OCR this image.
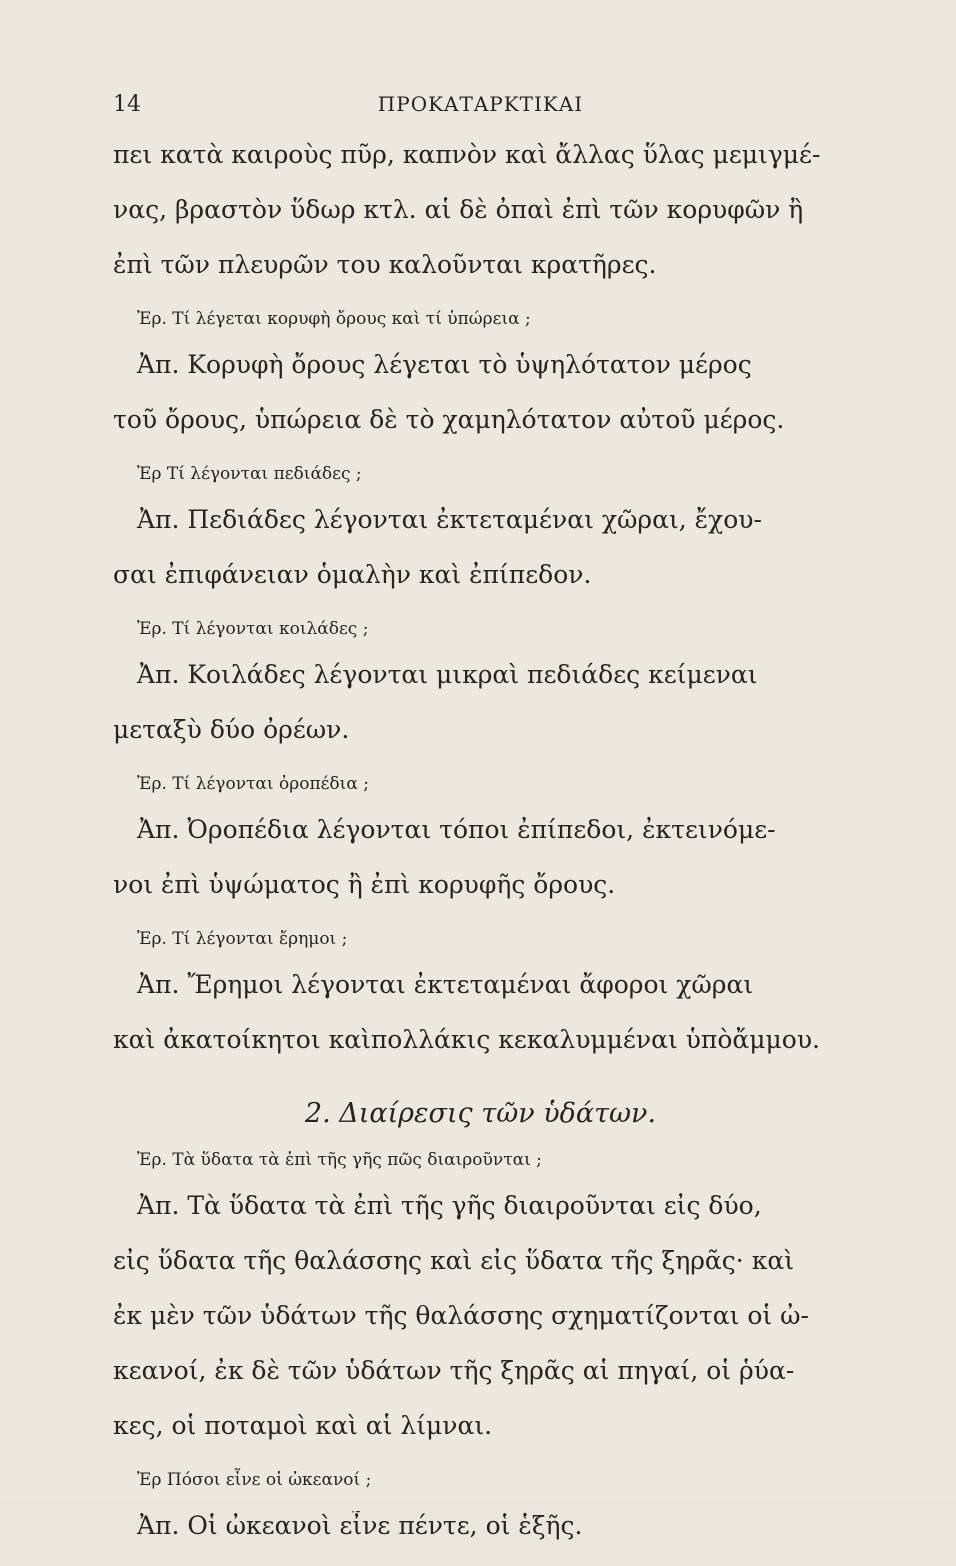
14	ΠΡΟΚΑΤΑΡΚΤΙΚΑΙ
πει κατὰ καιροὺς πῦρ, καπνὸν καὶ ἄλλας ὕλας μεμιγμέ-
νας, βραστὸν ὕδωρ κτλ. αἱ δὲ ὀπαὶ ἐπὶ τῶν κορυφῶν ἢ
ἐπὶ τῶν πλευρῶν του καλοῦνται κρατῆρες.
Ἐρ. Τί λέγεται κορυφὴ ὄρους καὶ τί ὑπώρεια ;
Ἀπ. Κορυφὴ ὄρους λέγεται τὸ ὑψηλότατον μέρος
τοῦ ὄρους, ὑπώρεια δὲ τὸ χαμηλότατον αὐτοῦ μέρος.
Ἐρ Τί λέγονται πεδιάδες ;
Ἀπ. Πεδιάδες λέγονται ἐκτεταμέναι χῶραι, ἔχου-
σαι ἐπιφάνειαν ὁμαλὴν καὶ ἐπίπεδον.
Ἐρ. Τί λέγονται κοιλάδες ;
Ἀπ. Κοιλάδες λέγονται μικραὶ πεδιάδες κείμεναι
μεταξὺ δύο ὀρέων.
Ἐρ. Τί λέγονται ὀροπέδια ;
Ἀπ. Ὀροπέδια λέγονται τόποι ἐπίπεδοι, ἐκτεινόμε-
νοι ἐπὶ ὑψώματος ἢ ἐπὶ κορυφῆς ὄρους.
Ἐρ. Τί λέγονται ἔρημοι ;
Ἀπ. Ἔρημοι λέγονται ἐκτεταμέναι ἄφοροι χῶραι
καὶ ἀκατοίκητοι καὶπολλάκις κεκαλυμμέναι ὑπὸἄμμου.
2. Διαίρεσις τῶν ὑδάτων.
Ἐρ. Τὰ ὕδατα τὰ ἐπὶ τῆς γῆς πῶς διαιροῦνται ;
Ἀπ. Τὰ ὕδατα τὰ ἐπὶ τῆς γῆς διαιροῦνται εἰς δύο,
εἰς ὕδατα τῆς θαλάσσης καὶ εἰς ὕδατα τῆς ξηρᾶς· καὶ
ἐκ μὲν τῶν ὑδάτων τῆς θαλάσσης σχηματίζονται οἱ ὠ-
κεανοί, ἐκ δὲ τῶν ὑδάτων τῆς ξηρᾶς αἱ πηγαί, οἱ ῥύα-
κες, οἱ ποταμοὶ καὶ αἱ λίμναι.
Ἐρ Πόσοι εἶνε οἱ ὠκεανοί ;
Ἀπ. Οἱ ὠκεανοὶ εἶνε πέντε, οἱ ἑξῆς.
